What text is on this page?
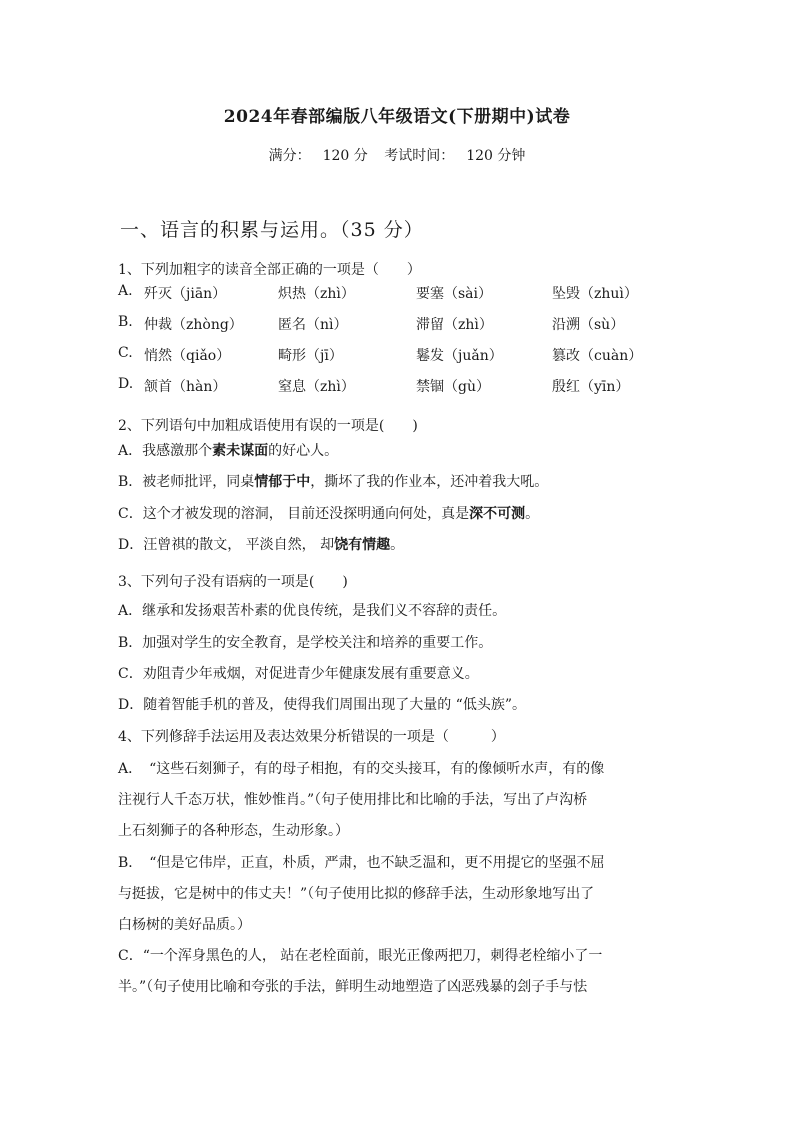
2024年春部编版八年级语文(下册期中)试卷
满分： 120 分 考试时间： 120 分钟
一、语言的积累与运用。（35 分）
1、下列加粗字的读音全部正确的一项是（　　）
A. 歼灭（jiān）	炽热（zhì）	要塞（sài）	坠毁（zhuì）
B. 仲裁（zhòng）	匿名（nì）	滞留（zhì）	沿溯（sù）
C. 悄然（qiǎo）	畸形（jī）	鬈发（juǎn）	篡改（cuàn）
D. 颔首（hàn）	窒息（zhì）	禁锢（gù）	殷红（yīn）
2、下列语句中加粗成语使用有误的一项是(　　)
A．我感激那个素未谋面的好心人。
B．被老师批评，同桌情郁于中，撕坏了我的作业本，还冲着我大吼。
C．这个才被发现的溶洞， 目前还没探明通向何处，真是深不可测。
D．汪曾祺的散文， 平淡自然， 却饶有情趣。
3、下列句子没有语病的一项是(　　)
A．继承和发扬艰苦朴素的优良传统，是我们义不容辞的责任。
B．加强对学生的安全教育，是学校关注和培养的重要工作。
C．劝阻青少年戒烟，对促进青少年健康发展有重要意义。
D．随着智能手机的普及，使得我们周围出现了大量的 “低头族”。
4、下列修辞手法运用及表达效果分析错误的一项是（　　　）
A．　“这些石刻狮子，有的母子相抱，有的交头接耳，有的像倾听水声，有的像
注视行人千态万状，惟妙惟肖。”（句子使用排比和比喻的手法，写出了卢沟桥
上石刻狮子的各种形态，生动形象。）
B．　“但是它伟岸，正直，朴质，严肃，也不缺乏温和，更不用提它的坚强不屈
与挺拔，它是树中的伟丈夫！”（句子使用比拟的修辞手法，生动形象地写出了
白杨树的美好品质。）
C．“一个浑身黑色的人， 站在老栓面前，眼光正像两把刀，刺得老栓缩小了一
半。”（句子使用比喻和夸张的手法，鲜明生动地塑造了凶恶残暴的刽子手与怯
